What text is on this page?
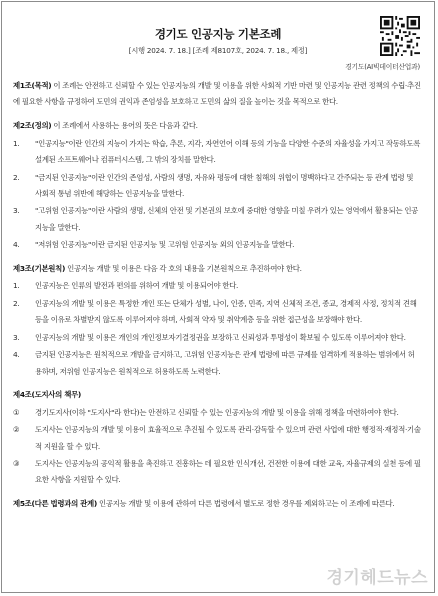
경기도 인공지능 기본조례
[시행 2024. 7. 18.] [조례 제8107호, 2024. 7. 18., 제정]
경기도(AI빅데이터산업과)
제1조(목적) 이 조례는 안전하고 신뢰할 수 있는 인공지능의 개발 및 이용을 위한 사회적 기반 마련 및 인공지능 관련 정책의 수립·추진에 필요한 사항을 규정하여 도민의 권익과 존엄성을 보호하고 도민의 삶의 질을 높이는 것을 목적으로 한다.
제2조(정의) 이 조례에서 사용하는 용어의 뜻은 다음과 같다.
1.	"인공지능"이란 인간의 지능이 가지는 학습, 추론, 지각, 자연언어 이해 등의 기능을 다양한 수준의 자율성을 가지고 작동하도록 설계된 소프트웨어나 컴퓨터시스템, 그 밖의 장치를 말한다.
2.	"금지된 인공지능"이란 인간의 존엄성, 사람의 생명, 자유와 평등에 대한 침해의 위협이 명백하다고 간주되는 등 관계 법령 및 사회적 통념 위반에 해당하는 인공지능을 말한다.
3.	"고위험 인공지능"이란 사람의 생명, 신체의 안전 및 기본권의 보호에 중대한 영향을 미칠 우려가 있는 영역에서 활용되는 인공지능을 말한다.
4.	"저위험 인공지능"이란 금지된 인공지능 및 고위험 인공지능 외의 인공지능을 말한다.
제3조(기본원칙) 인공지능 개발 및 이용은 다음 각 호의 내용을 기본원칙으로 추진하여야 한다.
1.	인공지능은 인류의 발전과 편의를 위하여 개발 및 이용되어야 한다.
2.	인공지능의 개발 및 이용은 특정한 개인 또는 단체가 성별, 나이, 인종, 민족, 지역 신체적 조건, 종교, 경제적 사정, 정치적 견해 등을 이유로 차별받지 않도록 이루어져야 하며, 사회적 약자 및 취약계층 등을 위한 접근성을 보장해야 한다.
3.	인공지능의 개발 및 이용은 개인의 개인정보자기결정권을 보장하고 신뢰성과 투명성이 확보될 수 있도록 이루어져야 한다.
4.	금지된 인공지능은 원칙적으로 개발을 금지하고, 고위험 인공지능은 관계 법령에 따른 규제를 엄격하게 적용하는 범위에서 허용하며, 저위험 인공지능은 원칙적으로 허용하도록 노력한다.
제4조(도지사의 책무)
①	경기도지사(이하 "도지사"라 한다)는 안전하고 신뢰할 수 있는 인공지능의 개발 및 이용을 위해 정책을 마련하여야 한다.
②	도지사는 인공지능의 개발 및 이용이 효율적으로 추진될 수 있도록 관리·감독할 수 있으며 관련 사업에 대한 행정적·재정적·기술적 지원을 할 수 있다.
③	도지사는 인공지능의 공익적 활용을 촉진하고 진흥하는 데 필요한 인식개선, 건전한 이용에 대한 교육, 자율규제의 실천 등에 필요한 사항을 지원할 수 있다.
제5조(다른 법령과의 관계) 인공지능 개발 및 이용에 관하여 다른 법령에서 별도로 정한 경우를 제외하고는 이 조례에 따른다.
경기헤드뉴스
